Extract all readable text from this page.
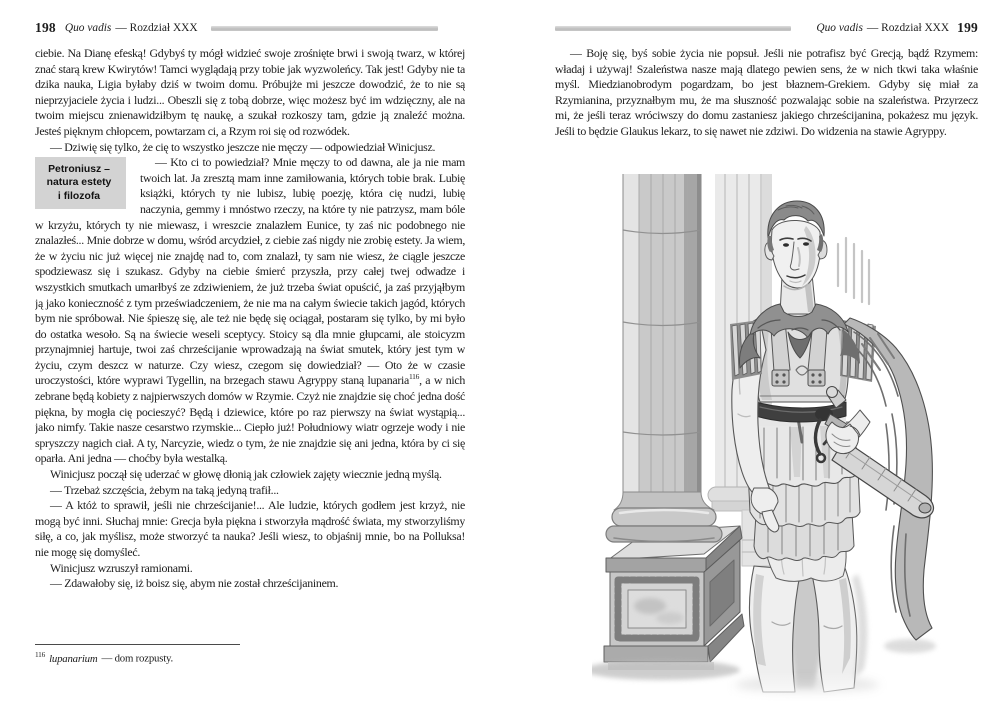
198 Quo vadis — Rozdział XXX

ciebie. Na Dianę efeską! Gdybyś ty mógł widzieć swoje zrośnięte brwi i swoją twarz, w której znać starą krew Kwirytów! Tamci wyglądają przy tobie jak wyzwoleńcy. Tak jest! Gdyby nie ta dzika nauka, Ligia byłaby dziś w twoim domu. Próbujże mi jeszcze dowodzić, że to nie są nieprzyjaciele życia i ludzi... Obeszli się z tobą dobrze, więc możesz być im wdzięczny, ale na twoim miejscu znienawidziłbym tę naukę, a szukał rozkoszy tam, gdzie ją znaleźć można. Jesteś pięknym chłopcem, powtarzam ci, a Rzym roi się od rozwódek.

— Dziwię się tylko, że cię to wszystko jeszcze nie męczy — odpowiedział Winicjusz.

Petroniusz –
natura estety
i filozofa

— Kto ci to powiedział? Mnie męczy to od dawna, ale ja nie mam twoich lat. Ja zresztą mam inne zamiłowania, których tobie brak. Lubię książki, których ty nie lubisz, lubię poezję, która cię nudzi, lubię naczynia, gemmy i mnóstwo rzeczy, na które ty nie patrzysz, mam bóle w krzyżu, których ty nie miewasz, i wreszcie znalazłem Eunice, ty zaś nic podobnego nie znalazłeś... Mnie dobrze w domu, wśród arcydzieł, z ciebie zaś nigdy nie zrobię estety. Ja wiem, że w życiu nic już więcej nie znajdę nad to, com znalazł, ty sam nie wiesz, że ciągle jeszcze spodziewasz się i szukasz. Gdyby na ciebie śmierć przyszła, przy całej twej odwadze i wszystkich smutkach umarłbyś ze zdziwieniem, że już trzeba świat opuścić, ja zaś przyjąłbym ją jako konieczność z tym przeświadczeniem, że nie ma na całym świecie takich jagód, których bym nie spróbował. Nie śpieszę się, ale też nie będę się ociągał, postaram się tylko, by mi było do ostatka wesoło. Są na świecie weseli sceptycy. Stoicy są dla mnie głupcami, ale stoicyzm przynajmniej hartuje, twoi zaś chrześcijanie wprowadzają na świat smutek, który jest tym w życiu, czym deszcz w naturze. Czy wiesz, czegom się dowiedział? — Oto że w czasie uroczystości, które wyprawi Tygellin, na brzegach stawu Agryppy staną lupanaria$^{116}$, a w nich zebrane będą kobiety z najpierwszych domów w Rzymie. Czyż nie znajdzie się choć jedna dość piękna, by mogła cię pocieszyć? Będą i dziewice, które po raz pierwszy na świat wystąpią... jako nimfy. Takie nasze cesarstwo rzymskie... Ciepło już! Południowy wiatr ogrzeje wody i nie spryszczy nagich ciał. A ty, Narcyzie, wiedz o tym, że nie znajdzie się ani jedna, która by ci się oparła. Ani jedna — choćby była westalką.

Winicjusz począł się uderzać w głowę dłonią jak człowiek zajęty wiecznie jedną myślą.

— Trzebaż szczęścia, żebym na taką jedyną trafił...

— A któż to sprawił, jeśli nie chrześcijanie!... Ale ludzie, których godłem jest krzyż, nie mogą być inni. Słuchaj mnie: Grecja była piękna i stworzyła mądrość świata, my stworzyliśmy siłę, a co, jak myślisz, może stworzyć ta nauka? Jeśli wiesz, to objaśnij mnie, bo na Polluksa! nie mogę się domyśleć.

Winicjusz wzruszył ramionami.

— Zdawałoby się, iż boisz się, abym nie został chrześcijaninem.

$^{116}$ lupanarium — dom rozpusty.
Quo vadis — Rozdział XXX 199

— Boję się, byś sobie życia nie popsuł. Jeśli nie potrafisz być Grecją, bądź Rzymem: władaj i używaj! Szaleństwa nasze mają dlatego pewien sens, że w nich tkwi taka właśnie myśl. Miedzianobrodym pogardzam, bo jest błaznem-Grekiem. Gdyby się miał za Rzymianina, przyznałbym mu, że ma słuszność pozwalając sobie na szaleństwa. Przyrzecz mi, że jeśli teraz wróciwszy do domu zastaniesz jakiego chrześcijanina, pokażesz mu język. Jeśli to będzie Glaukus lekarz, to się nawet nie zdziwi. Do widzenia na stawie Agryppy.
